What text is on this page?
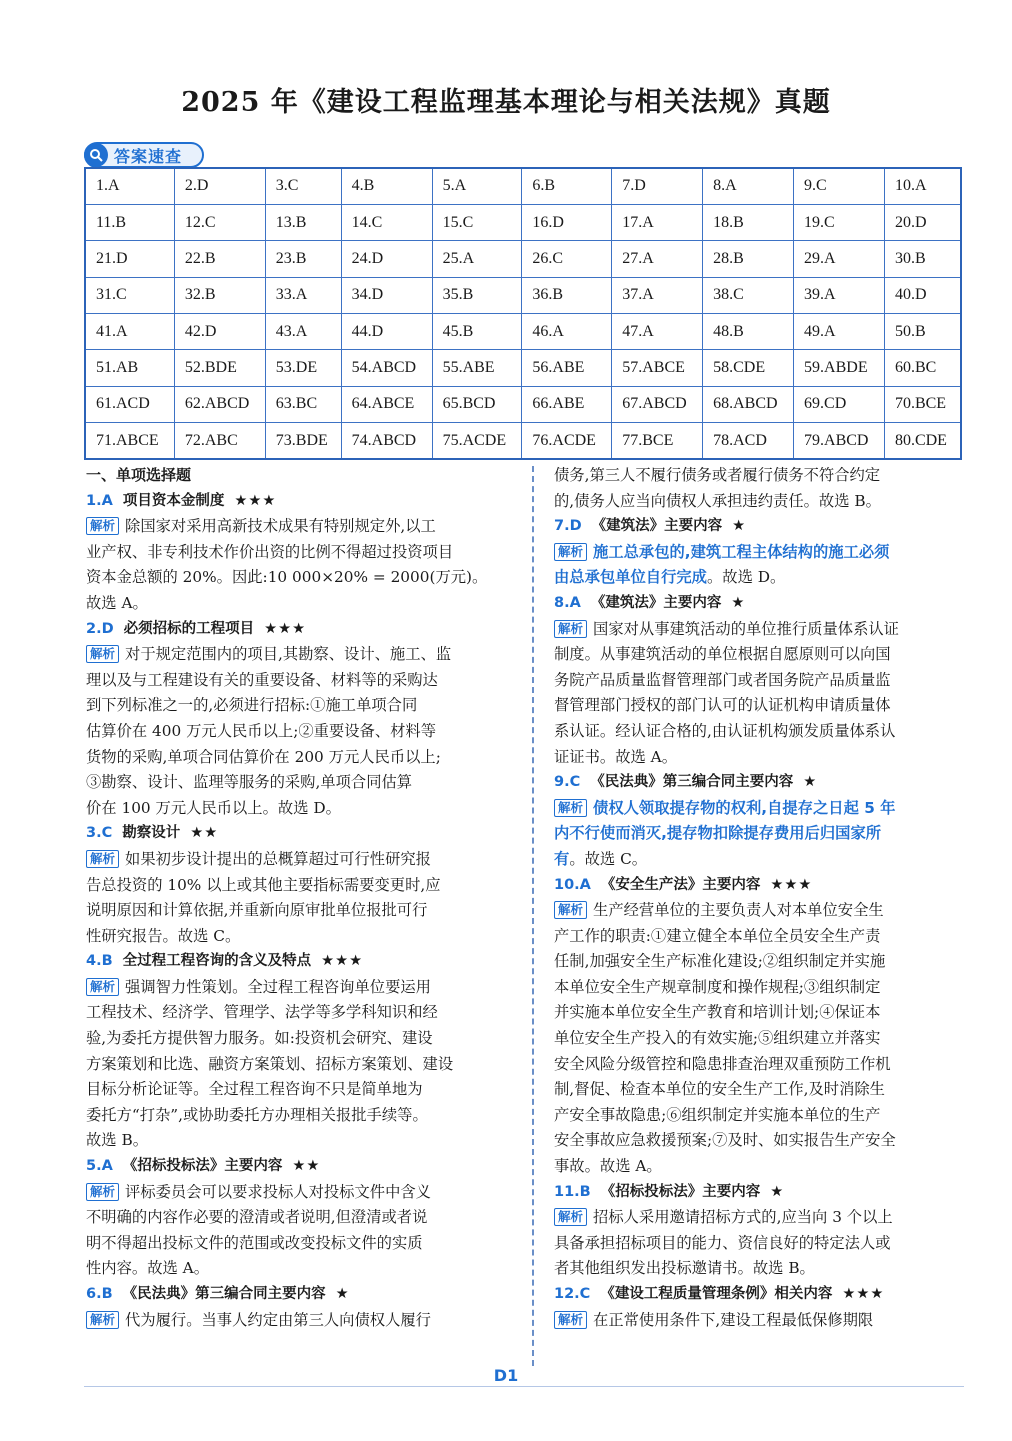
2025 年《建设工程监理基本理论与相关法规》真题
答案速查
1.A	2.D	3.C	4.B	5.A	6.B	7.D	8.A	9.C	10.A
11.B	12.C	13.B	14.C	15.C	16.D	17.A	18.B	19.C	20.D
21.D	22.B	23.B	24.D	25.A	26.C	27.A	28.B	29.A	30.B
31.C	32.B	33.A	34.D	35.B	36.B	37.A	38.C	39.A	40.D
41.A	42.D	43.A	44.D	45.B	46.A	47.A	48.B	49.A	50.B
51.AB	52.BDE	53.DE	54.ABCD	55.ABE	56.ABE	57.ABCE	58.CDE	59.ABDE	60.BC
61.ACD	62.ABCD	63.BC	64.ABCE	65.BCD	66.ABE	67.ABCD	68.ABCD	69.CD	70.BCE
71.ABCE	72.ABC	73.BDE	74.ABCD	75.ACDE	76.ACDE	77.BCE	78.ACD	79.ABCD	80.CDE
一、单项选择题
1.A 项目资本金制度 ★★★
解析 除国家对采用高新技术成果有特别规定外,以工
业产权、非专利技术作价出资的比例不得超过投资项目
资本金总额的 20%。因此:10 000×20% = 2000(万元)。
故选 A。
2.D 必须招标的工程项目 ★★★
解析 对于规定范围内的项目,其勘察、设计、施工、监
理以及与工程建设有关的重要设备、材料等的采购达
到下列标准之一的,必须进行招标:①施工单项合同
估算价在 400 万元人民币以上;②重要设备、材料等
货物的采购,单项合同估算价在 200 万元人民币以上;
③勘察、设计、监理等服务的采购,单项合同估算
价在 100 万元人民币以上。故选 D。
3.C 勘察设计 ★★
解析 如果初步设计提出的总概算超过可行性研究报
告总投资的 10% 以上或其他主要指标需要变更时,应
说明原因和计算依据,并重新向原审批单位报批可行
性研究报告。故选 C。
4.B 全过程工程咨询的含义及特点 ★★★
解析 强调智力性策划。全过程工程咨询单位要运用
工程技术、经济学、管理学、法学等多学科知识和经
验,为委托方提供智力服务。如:投资机会研究、建设
方案策划和比选、融资方案策划、招标方案策划、建设
目标分析论证等。全过程工程咨询不只是简单地为
委托方“打杂”,或协助委托方办理相关报批手续等。
故选 B。
5.A 《招标投标法》主要内容 ★★
解析 评标委员会可以要求投标人对投标文件中含义
不明确的内容作必要的澄清或者说明,但澄清或者说
明不得超出投标文件的范围或改变投标文件的实质
性内容。故选 A。
6.B 《民法典》第三编合同主要内容 ★
解析 代为履行。当事人约定由第三人向债权人履行
债务,第三人不履行债务或者履行债务不符合约定
的,债务人应当向债权人承担违约责任。故选 B。
7.D 《建筑法》主要内容 ★
解析 施工总承包的,建筑工程主体结构的施工必须
由总承包单位自行完成。故选 D。
8.A 《建筑法》主要内容 ★
解析 国家对从事建筑活动的单位推行质量体系认证
制度。从事建筑活动的单位根据自愿原则可以向国
务院产品质量监督管理部门或者国务院产品质量监
督管理部门授权的部门认可的认证机构申请质量体
系认证。经认证合格的,由认证机构颁发质量体系认
证证书。故选 A。
9.C 《民法典》第三编合同主要内容 ★
解析 债权人领取提存物的权利,自提存之日起 5 年
内不行使而消灭,提存物扣除提存费用后归国家所
有。故选 C。
10.A 《安全生产法》主要内容 ★★★
解析 生产经营单位的主要负责人对本单位安全生
产工作的职责:①建立健全本单位全员安全生产责
任制,加强安全生产标准化建设;②组织制定并实施
本单位安全生产规章制度和操作规程;③组织制定
并实施本单位安全生产教育和培训计划;④保证本
单位安全生产投入的有效实施;⑤组织建立并落实
安全风险分级管控和隐患排查治理双重预防工作机
制,督促、检查本单位的安全生产工作,及时消除生
产安全事故隐患;⑥组织制定并实施本单位的生产
安全事故应急救援预案;⑦及时、如实报告生产安全
事故。故选 A。
11.B 《招标投标法》主要内容 ★
解析 招标人采用邀请招标方式的,应当向 3 个以上
具备承担招标项目的能力、资信良好的特定法人或
者其他组织发出投标邀请书。故选 B。
12.C 《建设工程质量管理条例》相关内容 ★★★
解析 在正常使用条件下,建设工程最低保修期限
D1
